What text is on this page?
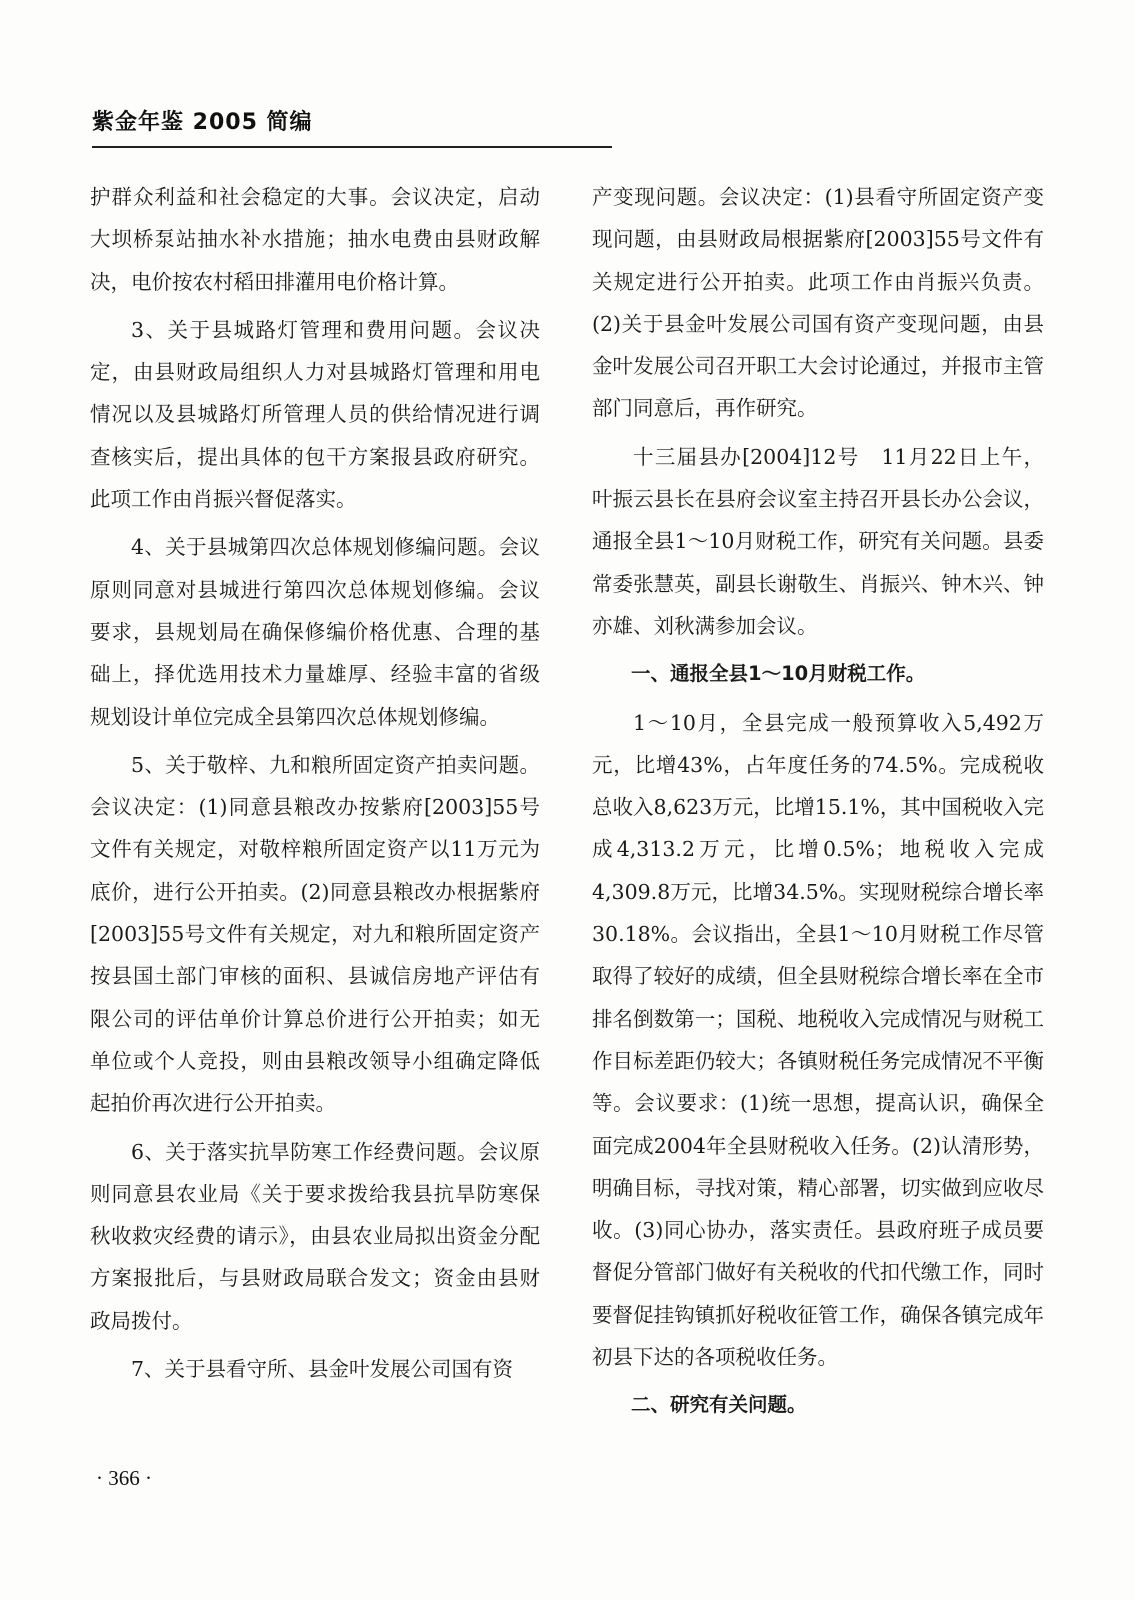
紫金年鉴 2005 简编

护群众利益和社会稳定的大事。会议决定，启动大坝桥泵站抽水补水措施；抽水电费由县财政解决，电价按农村稻田排灌用电价格计算。

3、关于县城路灯管理和费用问题。会议决定，由县财政局组织人力对县城路灯管理和用电情况以及县城路灯所管理人员的供给情况进行调查核实后，提出具体的包干方案报县政府研究。此项工作由肖振兴督促落实。

4、关于县城第四次总体规划修编问题。会议原则同意对县城进行第四次总体规划修编。会议要求，县规划局在确保修编价格优惠、合理的基础上，择优选用技术力量雄厚、经验丰富的省级规划设计单位完成全县第四次总体规划修编。

5、关于敬梓、九和粮所固定资产拍卖问题。会议决定：(1)同意县粮改办按紫府[2003]55号文件有关规定，对敬梓粮所固定资产以11万元为底价，进行公开拍卖。(2)同意县粮改办根据紫府[2003]55号文件有关规定，对九和粮所固定资产按县国土部门审核的面积、县诚信房地产评估有限公司的评估单价计算总价进行公开拍卖；如无单位或个人竞投，则由县粮改领导小组确定降低起拍价再次进行公开拍卖。

6、关于落实抗旱防寒工作经费问题。会议原则同意县农业局《关于要求拨给我县抗旱防寒保秋收救灾经费的请示》，由县农业局拟出资金分配方案报批后，与县财政局联合发文；资金由县财政局拨付。

7、关于县看守所、县金叶发展公司国有资

产变现问题。会议决定：(1)县看守所固定资产变现问题，由县财政局根据紫府[2003]55号文件有关规定进行公开拍卖。此项工作由肖振兴负责。(2)关于县金叶发展公司国有资产变现问题，由县金叶发展公司召开职工大会讨论通过，并报市主管部门同意后，再作研究。

十三届县办[2004]12号　11月22日上午，叶振云县长在县府会议室主持召开县长办公会议，通报全县1～10月财税工作，研究有关问题。县委常委张慧英，副县长谢敬生、肖振兴、钟木兴、钟亦雄、刘秋满参加会议。

一、通报全县1～10月财税工作。

1～10月，全县完成一般预算收入5,492万元，比增43%，占年度任务的74.5%。完成税收总收入8,623万元，比增15.1%，其中国税收入完成4,313.2万元，比增0.5%；地税收入完成4,309.8万元，比增34.5%。实现财税综合增长率30.18%。会议指出，全县1～10月财税工作尽管取得了较好的成绩，但全县财税综合增长率在全市排名倒数第一；国税、地税收入完成情况与财税工作目标差距仍较大；各镇财税任务完成情况不平衡等。会议要求：(1)统一思想，提高认识，确保全面完成2004年全县财税收入任务。(2)认清形势，明确目标，寻找对策，精心部署，切实做到应收尽收。(3)同心协办，落实责任。县政府班子成员要督促分管部门做好有关税收的代扣代缴工作，同时要督促挂钩镇抓好税收征管工作，确保各镇完成年初县下达的各项税收任务。

二、研究有关问题。

· 366 ·
